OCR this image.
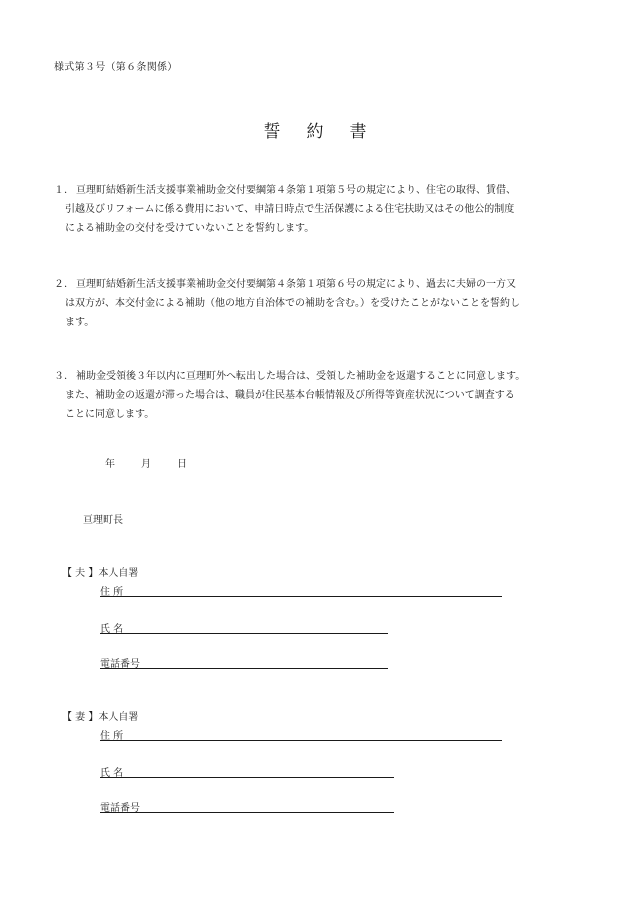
様式第３号（第６条関係）
誓 約 書
１. 亘理町結婚新生活支援事業補助金交付要綱第４条第１項第５号の規定により、住宅の取得、賃借、
引越及びリフォームに係る費用において、申請日時点で生活保護による住宅扶助又はその他公的制度
による補助金の交付を受けていないことを誓約します。
２. 亘理町結婚新生活支援事業補助金交付要綱第４条第１項第６号の規定により、過去に夫婦の一方又
は双方が、本交付金による補助（他の地方自治体での補助を含む。）を受けたことがないことを誓約し
ます。
３. 補助金受領後３年以内に亘理町外へ転出した場合は、受領した補助金を返還することに同意します。
また、補助金の返還が滞った場合は、職員が住民基本台帳情報及び所得等資産状況について調査する
ことに同意します。
年	月	日
亘理町長
【 夫 】本人自署
住 所
氏 名
電話番号
【 妻 】本人自署
住 所
氏 名
電話番号
